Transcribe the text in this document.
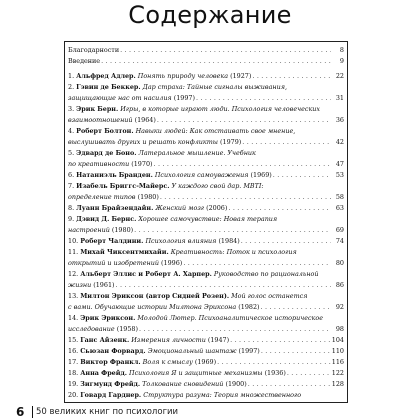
Содержание
Благодарности . . .	8
Введение . . .	9
1. Альфред Адлер. Понять природу человека (1927) . . .	22
2. Гэвин де Беккер. Дар страха: Тайные сигналы выживания,
защищающие нас от насилия (1997) . . .	31
3. Эрик Берн. Игры, в которые играют люди. Психология человеческих
взаимоотношений (1964) . . .	36
4. Роберт Болтон. Навыки людей: Как отстаивать свое мнение,
выслушивать других и решать конфликты (1979) . . .	42
5. Эдвард де Боно. Латеральное мышление. Учебник
по креативности (1970) . . .	47
6. Натаниэль Бранден. Психология самоуважения (1969) . . .	53
7. Изабель Бриггс-Майерс. У каждого свой дар. MBTI:
определение типов (1980) . . .	58
8. Луанн Брайзендайн. Женский мозг (2006) . . .	63
9. Дэвид Д. Бернс. Хорошее самочувствие: Новая терапия
настроений (1980) . . .	69
10. Роберт Чалдини. Психология влияния (1984) . . .	74
11. Михай Чиксентмихайи. Креативность: Поток и психология
открытий и изобретений (1996) . . .	80
12. Альберт Эллис и Роберт А. Харпер. Руководство по рациональной
жизни (1961) . . .	86
13. Милтон Эриксон (автор Сидней Розен). Мой голос останется
с вами. Обучающие истории Милтона Эриксона (1982) . . .	92
14. Эрик Эриксон. Молодой Лютер. Психоаналитическое историческое
исследование (1958) . . .	98
15. Ганс Айзенк. Измерения личности (1947) . . .	104
16. Сьюзан Форвард. Эмоциональный шантаж (1997) . . .	110
17. Виктор Франкл. Воля к смыслу (1969) . . .	116
18. Анна Фрейд. Психология Я и защитные механизмы (1936) . . .	122
19. Зигмунд Фрейд. Толкование сновидений (1900) . . .	128
20. Говард Гарднер. Структура разума: Теория множественного
. . .
6 50 великих книг по психологии
